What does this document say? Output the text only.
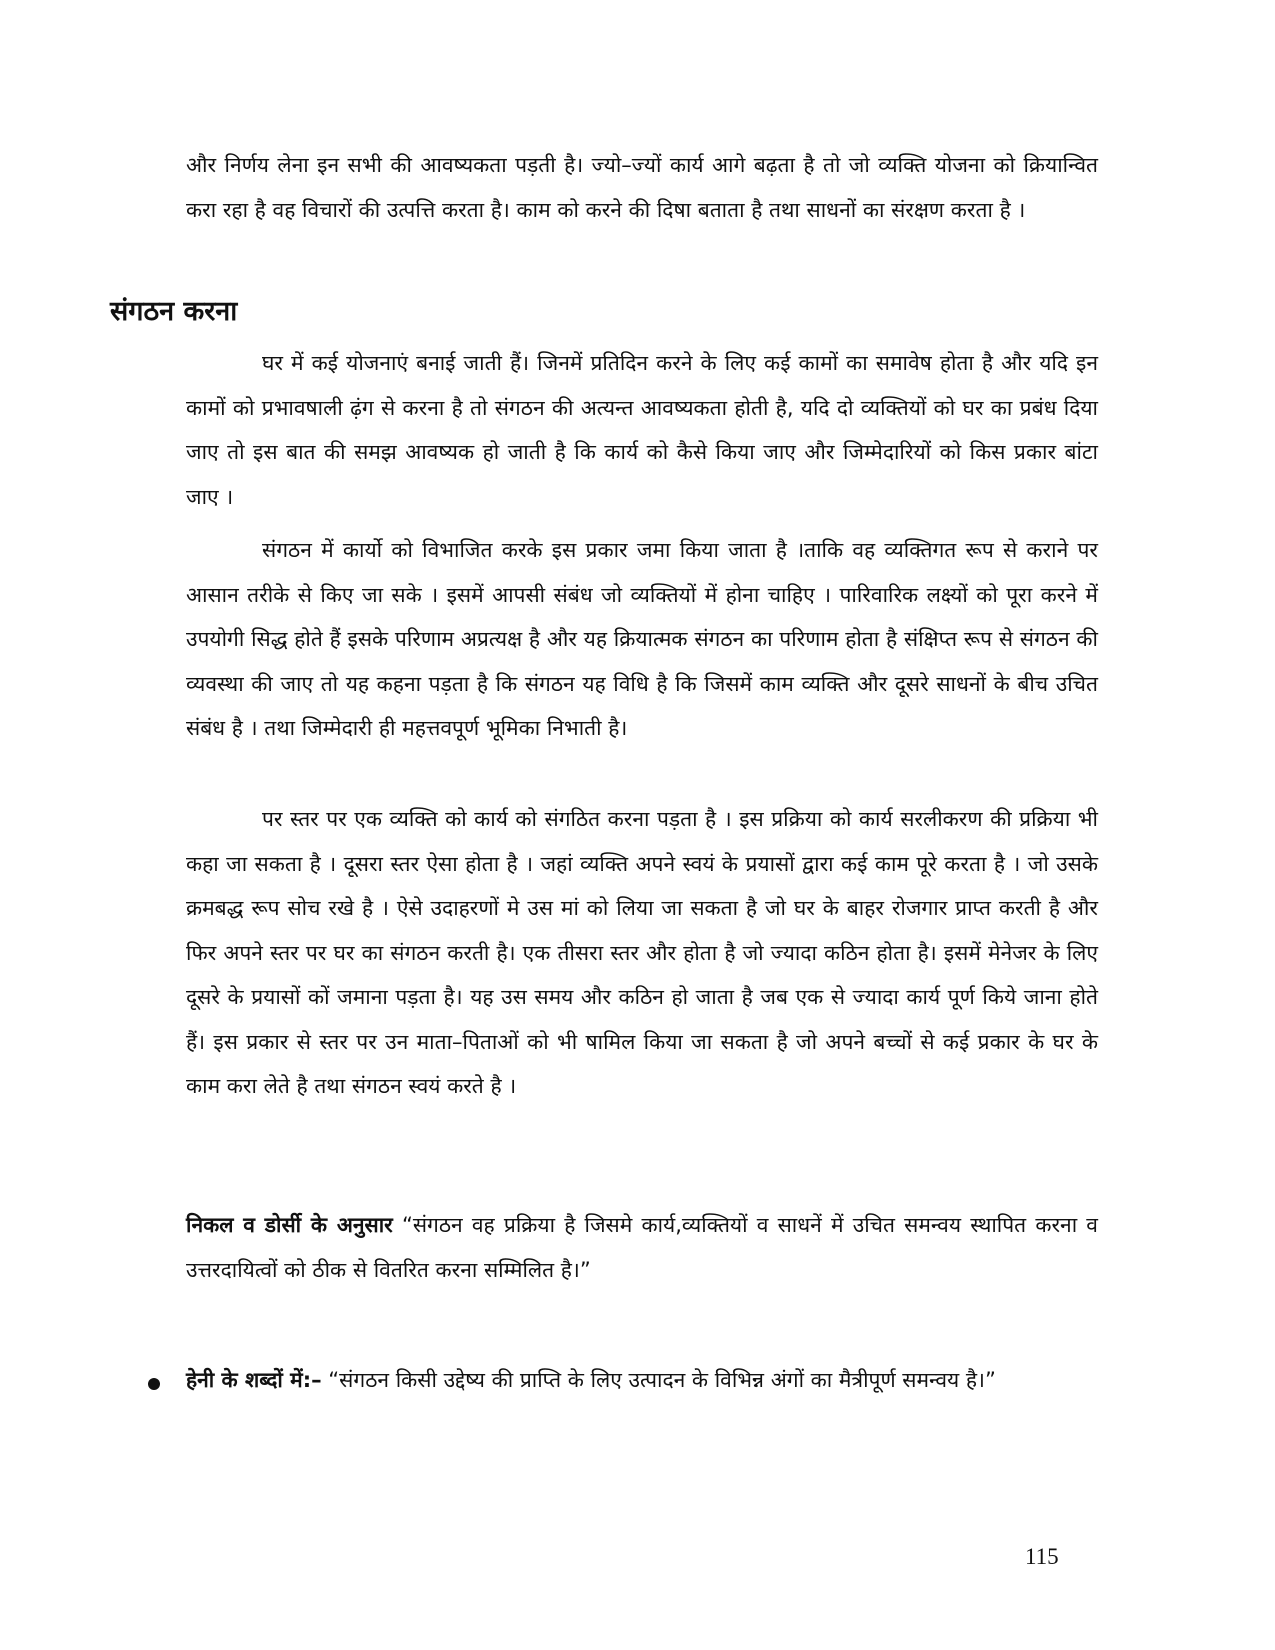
और निर्णय लेना इन सभी की आवष्यकता पड़ती है। ज्यो–ज्यों कार्य आगे बढ़ता है तो जो व्यक्ति योजना को क्रियान्वित करा रहा है वह विचारों की उत्पत्ति करता है। काम को करने की दिषा बताता है तथा साधनों का संरक्षण करता है ।

संगठन करना

घर में कई योजनाएं बनाई जाती हैं। जिनमें प्रतिदिन करने के लिए कई कामों का समावेष होता है और यदि इन कामों को प्रभावषाली ढ़ंग से करना है तो संगठन की अत्यन्त आवष्यकता होती है, यदि दो व्यक्तियों को घर का प्रबंध दिया जाए तो इस बात की समझ आवष्यक हो जाती है कि कार्य को कैसे किया जाए और जिम्मेदारियों को किस प्रकार बांटा जाए ।

संगठन में कार्यो को विभाजित करके इस प्रकार जमा किया जाता है ।ताकि वह व्यक्तिगत रूप से कराने पर आसान तरीके से किए जा सके । इसमें आपसी संबंध जो व्यक्तियों में होना चाहिए । पारिवारिक लक्ष्यों को पूरा करने में उपयोगी सिद्ध होते हैं इसके परिणाम अप्रत्यक्ष है और यह क्रियात्मक संगठन का परिणाम होता है संक्षिप्त रूप से संगठन की व्यवस्था की जाए तो यह कहना पड़ता है कि संगठन यह विधि है कि जिसमें काम व्यक्ति और दूसरे साधनों के बीच उचित संबंध है । तथा जिम्मेदारी ही महत्तवपूर्ण भूमिका निभाती है।

पर स्तर पर एक व्यक्ति को कार्य को संगठित करना पड़ता है । इस प्रक्रिया को कार्य सरलीकरण की प्रक्रिया भी कहा जा सकता है । दूसरा स्तर ऐसा होता है । जहां व्यक्ति अपने स्वयं के प्रयासों द्वारा कई काम पूरे करता है । जो उसके क्रमबद्ध रूप सोच रखे है । ऐसे उदाहरणों मे उस मां को लिया जा सकता है जो घर के बाहर रोजगार प्राप्त करती है और फिर अपने स्तर पर घर का संगठन करती है। एक तीसरा स्तर और होता है जो ज्यादा कठिन होता है। इसमें मेनेजर के लिए दूसरे के प्रयासों कों जमाना पड़ता है। यह उस समय और कठिन हो जाता है जब एक से ज्यादा कार्य पूर्ण किये जाना होते हैं। इस प्रकार से स्तर पर उन माता–पिताओं को भी षामिल किया जा सकता है जो अपने बच्चों से कई प्रकार के घर के काम करा लेते है तथा संगठन स्वयं करते है ।

निकल व डोर्सी के अनुसार “संगठन वह प्रक्रिया है जिसमे कार्य,व्यक्तियों व साधनें में उचित समन्वय स्थापित करना व उत्तरदायित्वों को ठीक से वितरित करना सम्मिलित है।”

हेनी के शब्दों में:– “संगठन किसी उद्देष्य की प्राप्ति के लिए उत्पादन के विभिन्न अंगों का मैत्रीपूर्ण समन्वय है।”

115
